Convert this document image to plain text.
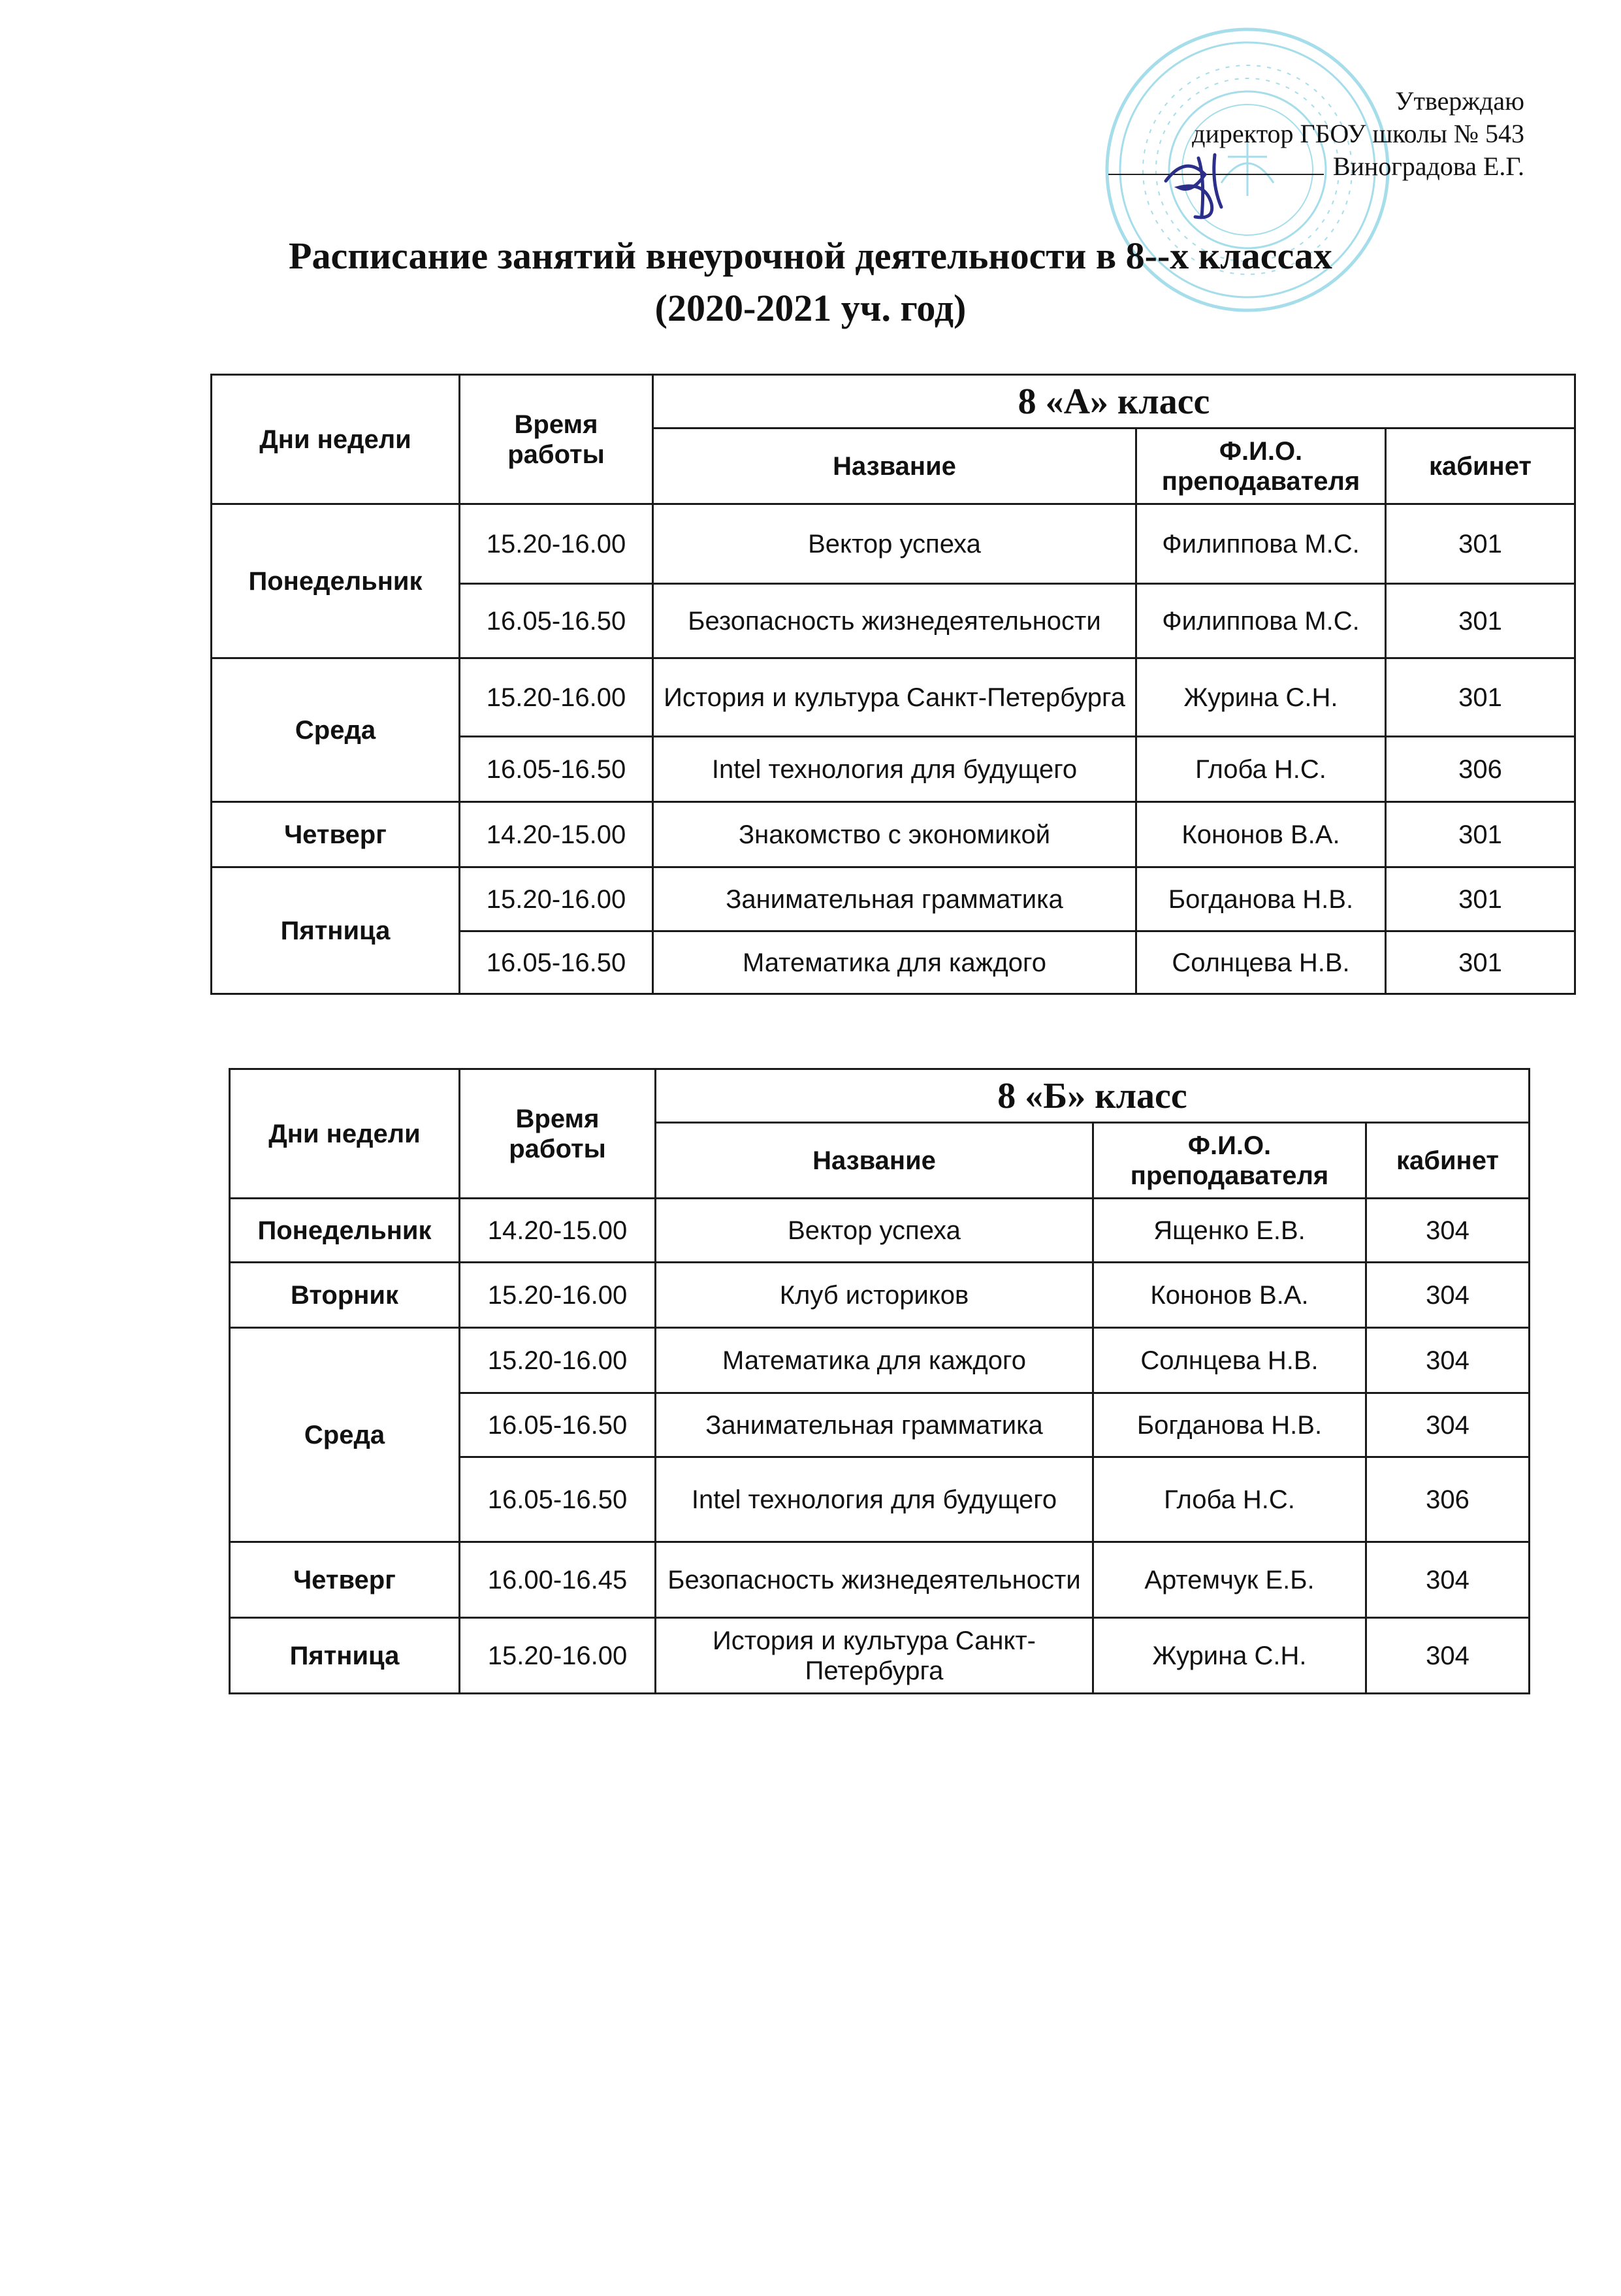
Утверждаю
директор ГБОУ школы № 543
Виноградова Е.Г.
Расписание занятий внеурочной деятельности в 8--х классах
(2020-2021 уч. год)
Дни недели	Время работы	8 «А» класс		
		Название	Ф.И.О. преподавателя	кабинет
Понедельник	15.20-16.00	Вектор успеха	Филиппова М.С.	301
	16.05-16.50	Безопасность жизнедеятельности	Филиппова М.С.	301
Среда	15.20-16.00	История и культура Санкт-Петербурга	Журина С.Н.	301
	16.05-16.50	Intel технология для будущего	Глоба Н.С.	306
Четверг	14.20-15.00	Знакомство с экономикой	Кононов В.А.	301
Пятница	15.20-16.00	Занимательная грамматика	Богданова Н.В.	301
	16.05-16.50	Математика для каждого	Солнцева Н.В.	301
Дни недели	Время работы	8 «Б» класс		
		Название	Ф.И.О. преподавателя	кабинет
Понедельник	14.20-15.00	Вектор успеха	Ященко Е.В.	304
Вторник	15.20-16.00	Клуб историков	Кононов В.А.	304
Среда	15.20-16.00	Математика для каждого	Солнцева Н.В.	304
	16.05-16.50	Занимательная грамматика	Богданова Н.В.	304
	16.05-16.50	Intel технология для будущего	Глоба Н.С.	306
Четверг	16.00-16.45	Безопасность жизнедеятельности	Артемчук Е.Б.	304
Пятница	15.20-16.00	История и культура Санкт-Петербурга	Журина С.Н.	304
